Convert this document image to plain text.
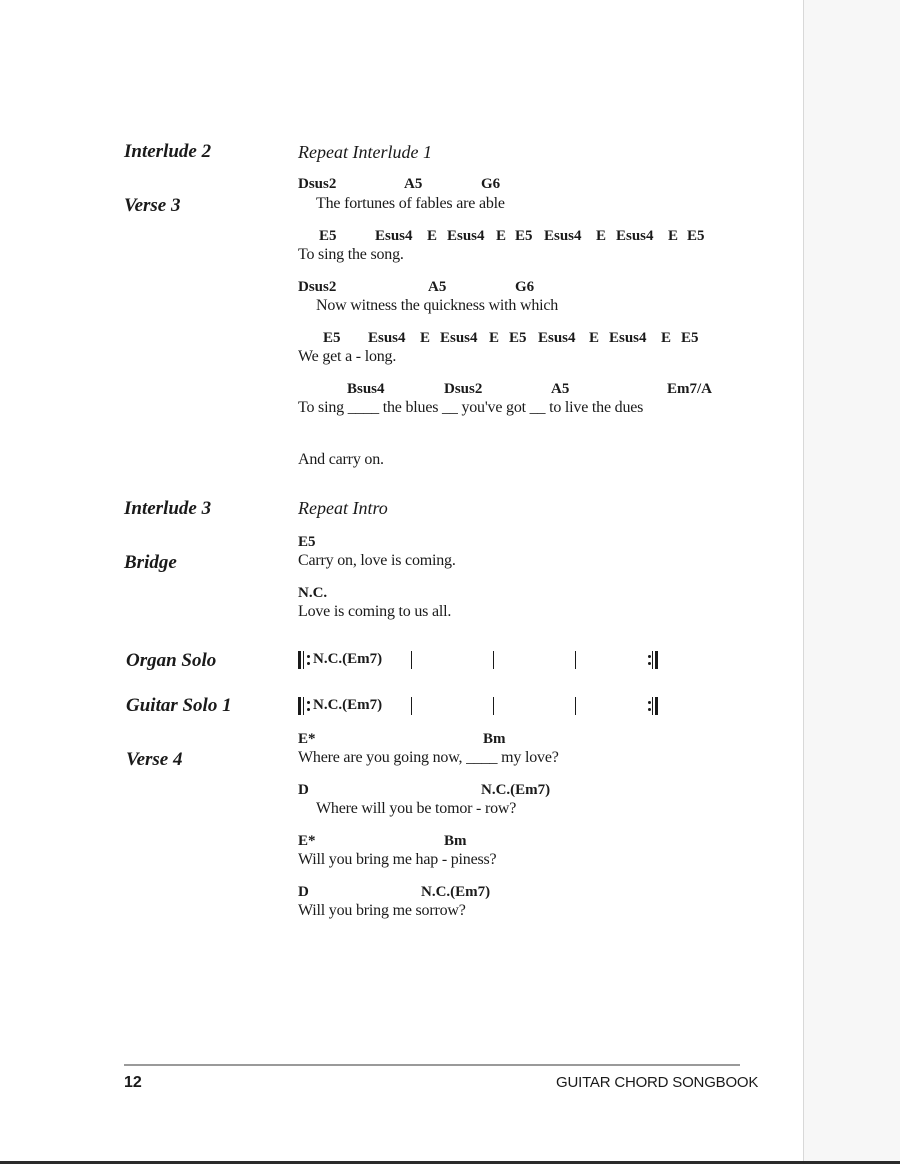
Interlude 2	Repeat Interlude 1
Verse 3
Dsus2	A5	G6
The fortunes of fables are able
E5	Esus4 E Esus4 E E5 Esus4 E Esus4 E E5
To sing the song.
Dsus2	A5	G6
Now witness the quickness with which
E5 Esus4 E Esus4 E E5 Esus4 E Esus4 E E5
We get a - long.
Bsus4	Dsus2	A5	Em7/A
To sing ____ the blues __ you've got __ to live the dues
And carry on.
Interlude 3	Repeat Intro
Bridge
E5
Carry on, love is coming.
N.C.
Love is coming to us all.
Organ Solo	N.C.(Em7)
Guitar Solo 1	N.C.(Em7)
Verse 4
E*	Bm
Where are you going now, ____ my love?
D	N.C.(Em7)
Where will you be tomor - row?
E*	Bm
Will you bring me hap - piness?
D	N.C.(Em7)
Will you bring me sorrow?
12	GUITAR CHORD SONGBOOK
